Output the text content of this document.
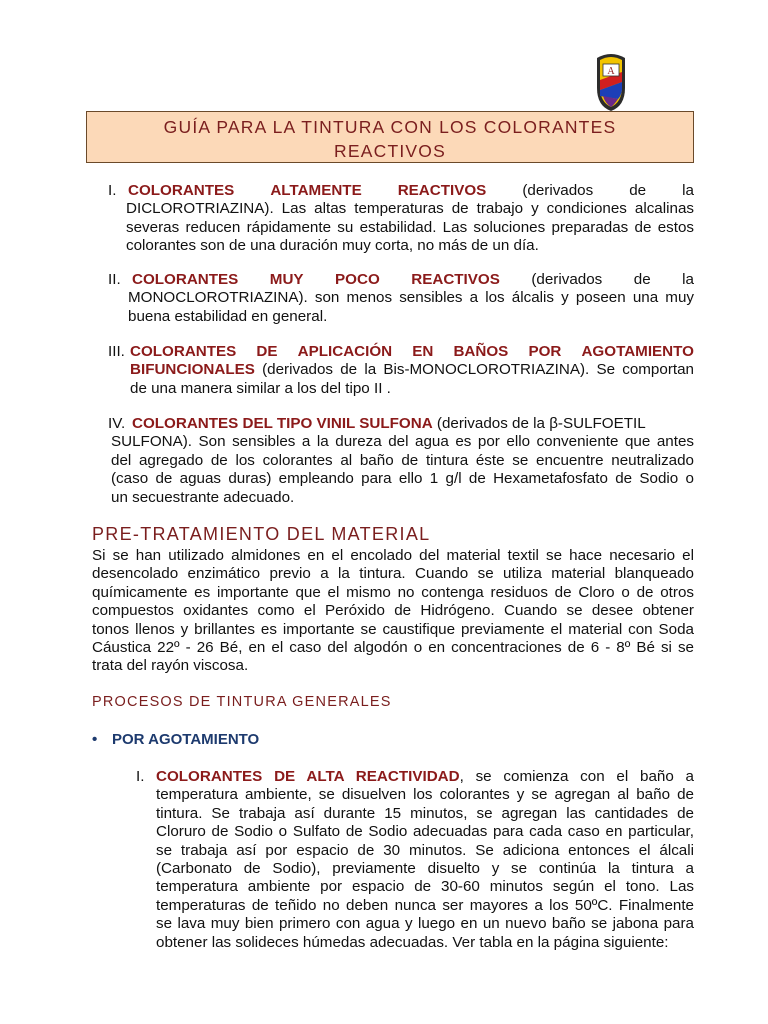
A
GUÍA PARA LA TINTURA CON LOS COLORANTES
REACTIVOS
I. COLORANTES ALTAMENTE REACTIVOS (derivados de la
DICLOROTRIAZINA). Las altas temperaturas de trabajo y condiciones alcalinas
severas reducen rápidamente su estabilidad. Las soluciones preparadas de estos
colorantes son de una duración muy corta, no más de un día.
II. COLORANTES MUY POCO REACTIVOS (derivados de la
MONOCLOROTRIAZINA). son menos sensibles a los álcalis y poseen una muy
buena estabilidad en general.
III. COLORANTES DE APLICACIÓN EN BAÑOS POR AGOTAMIENTO
BIFUNCIONALES (derivados de la Bis-MONOCLOROTRIAZINA). Se comportan
de una manera similar a los del tipo II .
IV. COLORANTES DEL TIPO VINIL SULFONA (derivados de la β-SULFOETIL
SULFONA). Son sensibles a la dureza del agua es por ello conveniente que antes
del agregado de los colorantes al baño de tintura éste se encuentre neutralizado
(caso de aguas duras) empleando para ello 1 g/l de Hexametafosfato de Sodio o
un secuestrante adecuado.
PRE-TRATAMIENTO DEL MATERIAL
Si se han utilizado almidones en el encolado del material textil se hace necesario el
desencolado enzimático previo a la tintura. Cuando se utiliza material blanqueado
químicamente es importante que el mismo no contenga residuos de Cloro o de otros
compuestos oxidantes como el Peróxido de Hidrógeno. Cuando se desee obtener
tonos llenos y brillantes es importante se caustifique previamente el material con Soda
Cáustica 22º - 26 Bé, en el caso del algodón o en concentraciones de 6 - 8º Bé si se
trata del rayón viscosa.
PROCESOS DE TINTURA GENERALES
• POR AGOTAMIENTO
I. COLORANTES DE ALTA REACTIVIDAD, se comienza con el baño a
temperatura ambiente, se disuelven los colorantes y se agregan al baño de
tintura. Se trabaja así durante 15 minutos, se agregan las cantidades de
Cloruro de Sodio o Sulfato de Sodio adecuadas para cada caso en particular,
se trabaja así por espacio de 30 minutos. Se adiciona entonces el álcali
(Carbonato de Sodio), previamente disuelto y se continúa la tintura a
temperatura ambiente por espacio de 30-60 minutos según el tono. Las
temperaturas de teñido no deben nunca ser mayores a los 50ºC. Finalmente
se lava muy bien primero con agua y luego en un nuevo baño se jabona para
obtener las solideces húmedas adecuadas. Ver tabla en la página siguiente:
